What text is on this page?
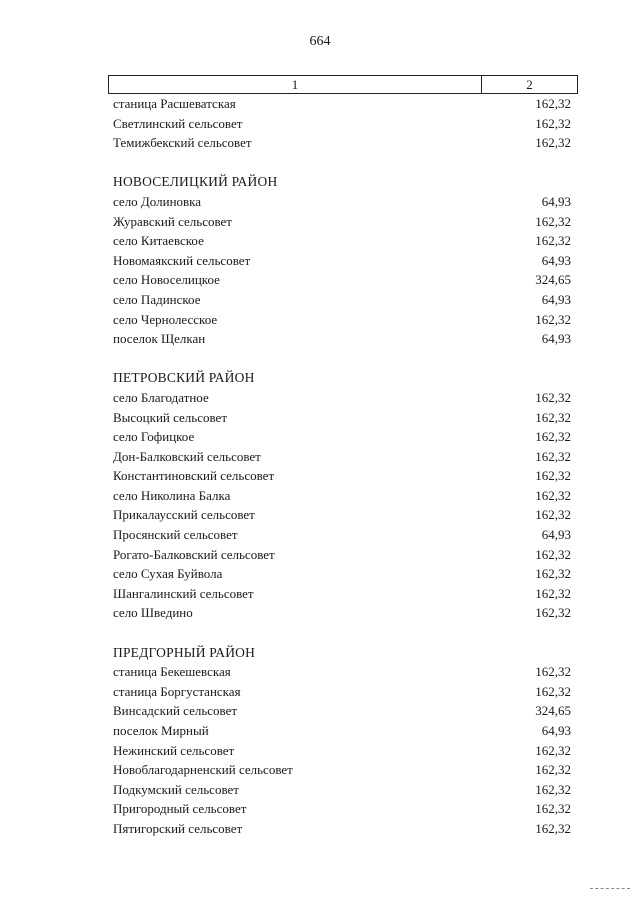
664
1	2
станица Расшеватская	162,32
Светлинский сельсовет	162,32
Темижбекский сельсовет	162,32
НОВОСЕЛИЦКИЙ РАЙОН
село Долиновка	64,93
Журавский сельсовет	162,32
село Китаевское	162,32
Новомаякский сельсовет	64,93
село Новоселицкое	324,65
село Падинское	64,93
село Чернолесское	162,32
поселок Щелкан	64,93
ПЕТРОВСКИЙ РАЙОН
село Благодатное	162,32
Высоцкий сельсовет	162,32
село Гофицкое	162,32
Дон-Балковский сельсовет	162,32
Константиновский сельсовет	162,32
село Николина Балка	162,32
Прикалаусский сельсовет	162,32
Просянский сельсовет	64,93
Рогато-Балковский сельсовет	162,32
село Сухая Буйвола	162,32
Шангалинский сельсовет	162,32
село Шведино	162,32
ПРЕДГОРНЫЙ РАЙОН
станица Бекешевская	162,32
станица Боргустанская	162,32
Винсадский сельсовет	324,65
поселок Мирный	64,93
Нежинский сельсовет	162,32
Новоблагодарненский сельсовет	162,32
Подкумский сельсовет	162,32
Пригородный сельсовет	162,32
Пятигорский сельсовет	162,32
